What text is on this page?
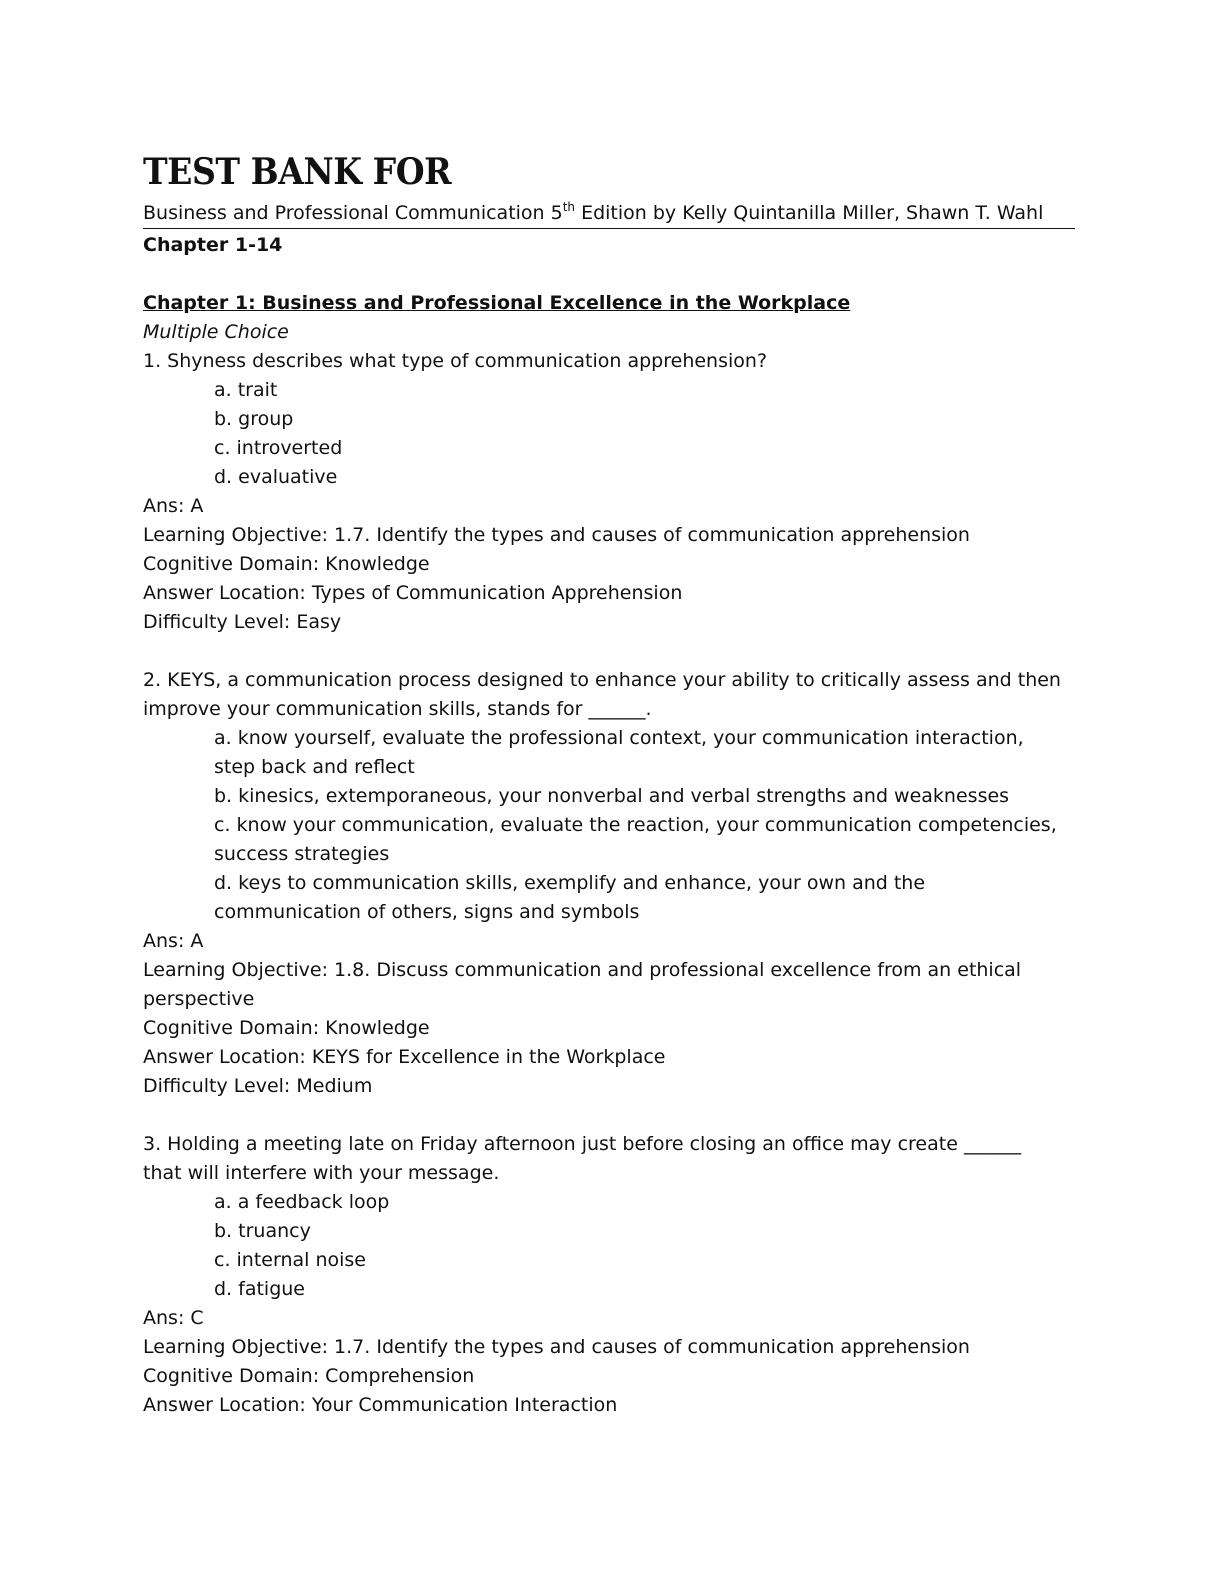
TEST BANK FOR
Business and Professional Communication 5th Edition by Kelly Quintanilla Miller, Shawn T. Wahl
Chapter 1-14
Chapter 1: Business and Professional Excellence in the Workplace
Multiple Choice
1. Shyness describes what type of communication apprehension?
a. trait
b. group
c. introverted
d. evaluative
Ans: A
Learning Objective: 1.7. Identify the types and causes of communication apprehension
Cognitive Domain: Knowledge
Answer Location: Types of Communication Apprehension
Difficulty Level: Easy
2. KEYS, a communication process designed to enhance your ability to critically assess and then
improve your communication skills, stands for ______.
a. know yourself, evaluate the professional context, your communication interaction,
step back and reflect
b. kinesics, extemporaneous, your nonverbal and verbal strengths and weaknesses
c. know your communication, evaluate the reaction, your communication competencies,
success strategies
d. keys to communication skills, exemplify and enhance, your own and the
communication of others, signs and symbols
Ans: A
Learning Objective: 1.8. Discuss communication and professional excellence from an ethical
perspective
Cognitive Domain: Knowledge
Answer Location: KEYS for Excellence in the Workplace
Difficulty Level: Medium
3. Holding a meeting late on Friday afternoon just before closing an office may create ______
that will interfere with your message.
a. a feedback loop
b. truancy
c. internal noise
d. fatigue
Ans: C
Learning Objective: 1.7. Identify the types and causes of communication apprehension
Cognitive Domain: Comprehension
Answer Location: Your Communication Interaction
